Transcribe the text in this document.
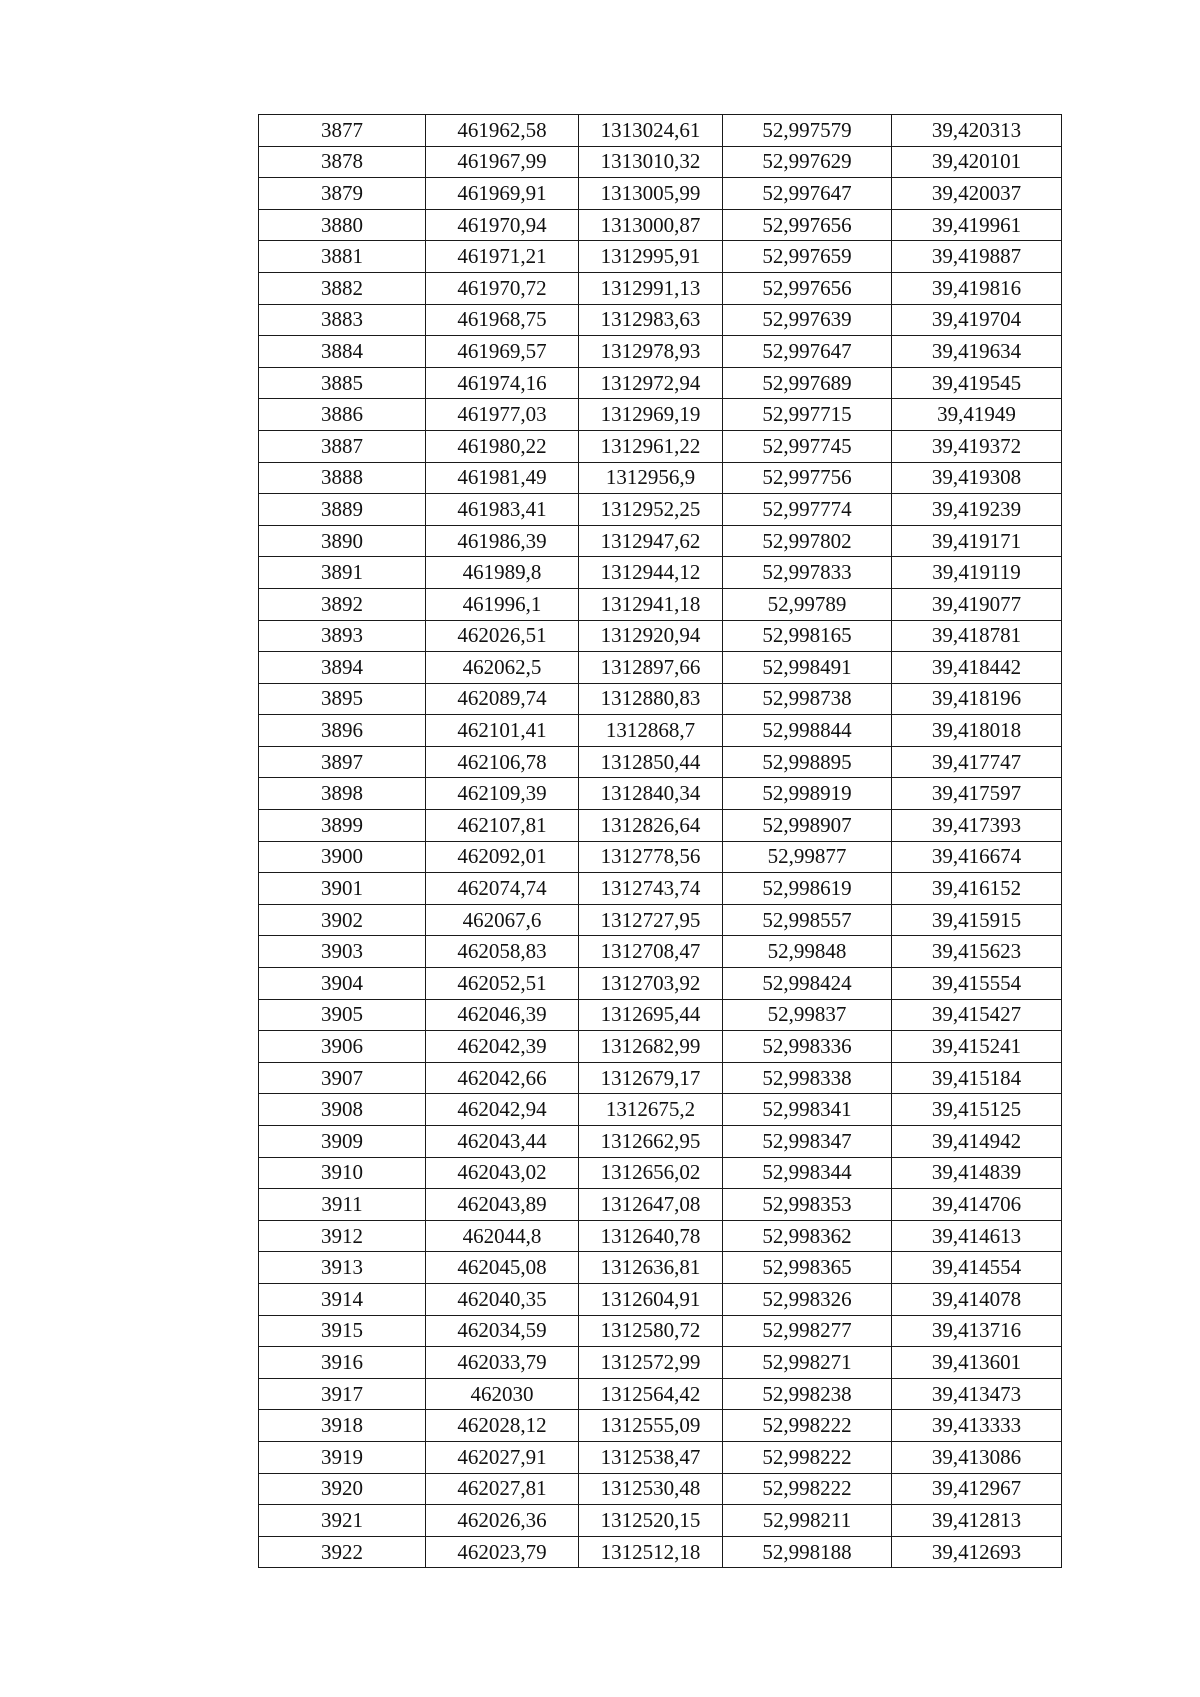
3877	461962,58	1313024,61	52,997579	39,420313
3878	461967,99	1313010,32	52,997629	39,420101
3879	461969,91	1313005,99	52,997647	39,420037
3880	461970,94	1313000,87	52,997656	39,419961
3881	461971,21	1312995,91	52,997659	39,419887
3882	461970,72	1312991,13	52,997656	39,419816
3883	461968,75	1312983,63	52,997639	39,419704
3884	461969,57	1312978,93	52,997647	39,419634
3885	461974,16	1312972,94	52,997689	39,419545
3886	461977,03	1312969,19	52,997715	39,41949
3887	461980,22	1312961,22	52,997745	39,419372
3888	461981,49	1312956,9	52,997756	39,419308
3889	461983,41	1312952,25	52,997774	39,419239
3890	461986,39	1312947,62	52,997802	39,419171
3891	461989,8	1312944,12	52,997833	39,419119
3892	461996,1	1312941,18	52,99789	39,419077
3893	462026,51	1312920,94	52,998165	39,418781
3894	462062,5	1312897,66	52,998491	39,418442
3895	462089,74	1312880,83	52,998738	39,418196
3896	462101,41	1312868,7	52,998844	39,418018
3897	462106,78	1312850,44	52,998895	39,417747
3898	462109,39	1312840,34	52,998919	39,417597
3899	462107,81	1312826,64	52,998907	39,417393
3900	462092,01	1312778,56	52,99877	39,416674
3901	462074,74	1312743,74	52,998619	39,416152
3902	462067,6	1312727,95	52,998557	39,415915
3903	462058,83	1312708,47	52,99848	39,415623
3904	462052,51	1312703,92	52,998424	39,415554
3905	462046,39	1312695,44	52,99837	39,415427
3906	462042,39	1312682,99	52,998336	39,415241
3907	462042,66	1312679,17	52,998338	39,415184
3908	462042,94	1312675,2	52,998341	39,415125
3909	462043,44	1312662,95	52,998347	39,414942
3910	462043,02	1312656,02	52,998344	39,414839
3911	462043,89	1312647,08	52,998353	39,414706
3912	462044,8	1312640,78	52,998362	39,414613
3913	462045,08	1312636,81	52,998365	39,414554
3914	462040,35	1312604,91	52,998326	39,414078
3915	462034,59	1312580,72	52,998277	39,413716
3916	462033,79	1312572,99	52,998271	39,413601
3917	462030	1312564,42	52,998238	39,413473
3918	462028,12	1312555,09	52,998222	39,413333
3919	462027,91	1312538,47	52,998222	39,413086
3920	462027,81	1312530,48	52,998222	39,412967
3921	462026,36	1312520,15	52,998211	39,412813
3922	462023,79	1312512,18	52,998188	39,412693
